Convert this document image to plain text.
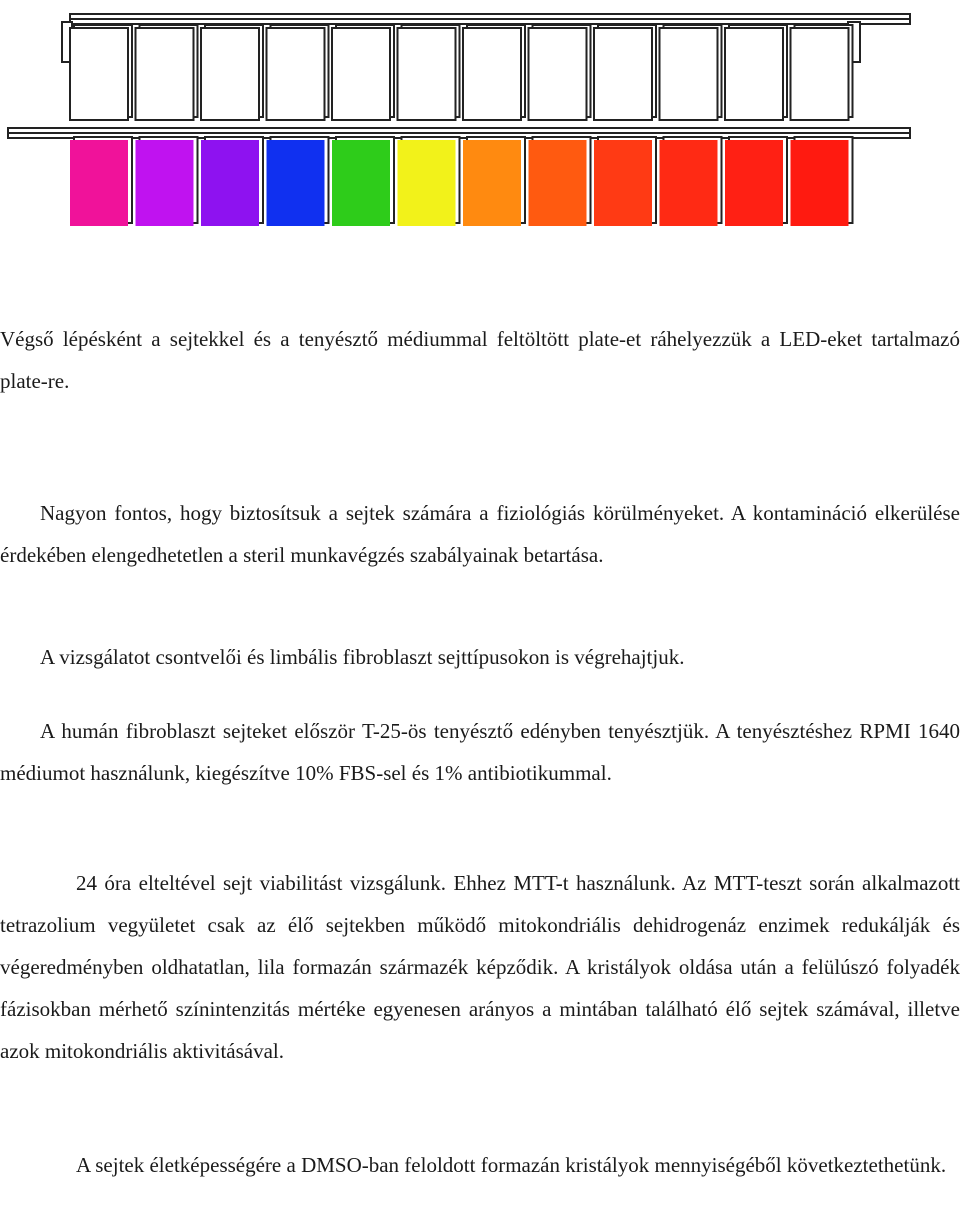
Végső lépésként a sejtekkel és a tenyésztő médiummal feltöltött plate-et ráhelyezzük a LED-eket tartalmazó plate-re.

Nagyon fontos, hogy biztosítsuk a sejtek számára a fiziológiás körülményeket. A kontamináció elkerülése érdekében elengedhetetlen a steril munkavégzés szabályainak betartása.

A vizsgálatot csontvelői és limbális fibroblaszt sejttípusokon is végrehajtjuk.

A humán fibroblaszt sejteket először T-25-ös tenyésztő edényben tenyésztjük. A tenyésztéshez RPMI 1640 médiumot használunk, kiegészítve 10% FBS-sel és 1% antibiotikummal.

24 óra elteltével sejt viabilitást vizsgálunk. Ehhez MTT-t használunk. Az MTT-teszt során alkalmazott tetrazolium vegyületet csak az élő sejtekben működő mitokondriális dehidrogenáz enzimek redukálják és végeredményben oldhatatlan, lila formazán származék képződik. A kristályok oldása után a felülúszó folyadék fázisokban mérhető színintenzitás mértéke egyenesen arányos a mintában található élő sejtek számával, illetve azok mitokondriális aktivitásával.

A sejtek életképességére a DMSO-ban feloldott formazán kristályok mennyiségéből következtethetünk.
